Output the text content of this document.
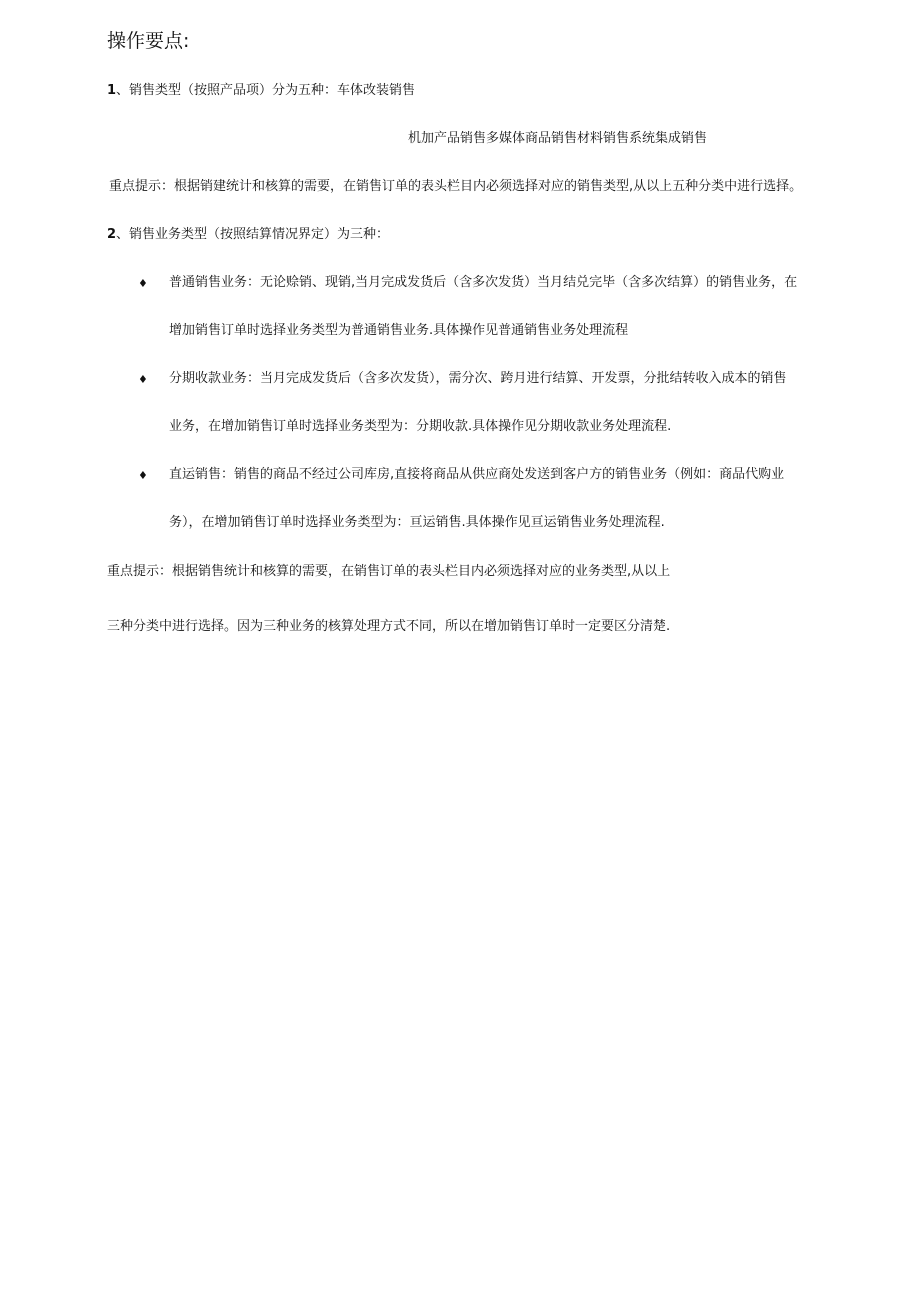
操作要点:
1、销售类型（按照产品项）分为五种：车体改装销售
机加产品销售多媒体商品销售材料销售系统集成销售
重点提示：根据销建统计和核算的需要，在销售订单的表头栏目内必须选择对应的销售类型,从以上五种分类中进行选择。
2、销售业务类型（按照结算情况界定）为三种：
♦ 普通销售业务：无论赊销、现销,当月完成发货后（含多次发货）当月结兑完毕（含多次结算）的销售业务，在
增加销售订单时选择业务类型为普通销售业务.具体操作见普通销售业务处理流程
♦ 分期收款业务：当月完成发货后（含多次发货），需分次、跨月进行结算、开发票，分批结转收入成本的销售
业务，在增加销售订单时选择业务类型为：分期收款.具体操作见分期收款业务处理流程.
♦ 直运销售：销售的商品不经过公司库房,直接将商品从供应商处发送到客户方的销售业务（例如：商品代购业
务），在增加销售订单时选择业务类型为：亘运销售.具体操作见亘运销售业务处理流程.
重点提示：根据销售统计和核算的需要，在销售订单的表头栏目内必须选择对应的业务类型,从以上
三种分类中进行选择。因为三种业务的核算处理方式不同，所以在增加销售订单时一定要区分清楚.
